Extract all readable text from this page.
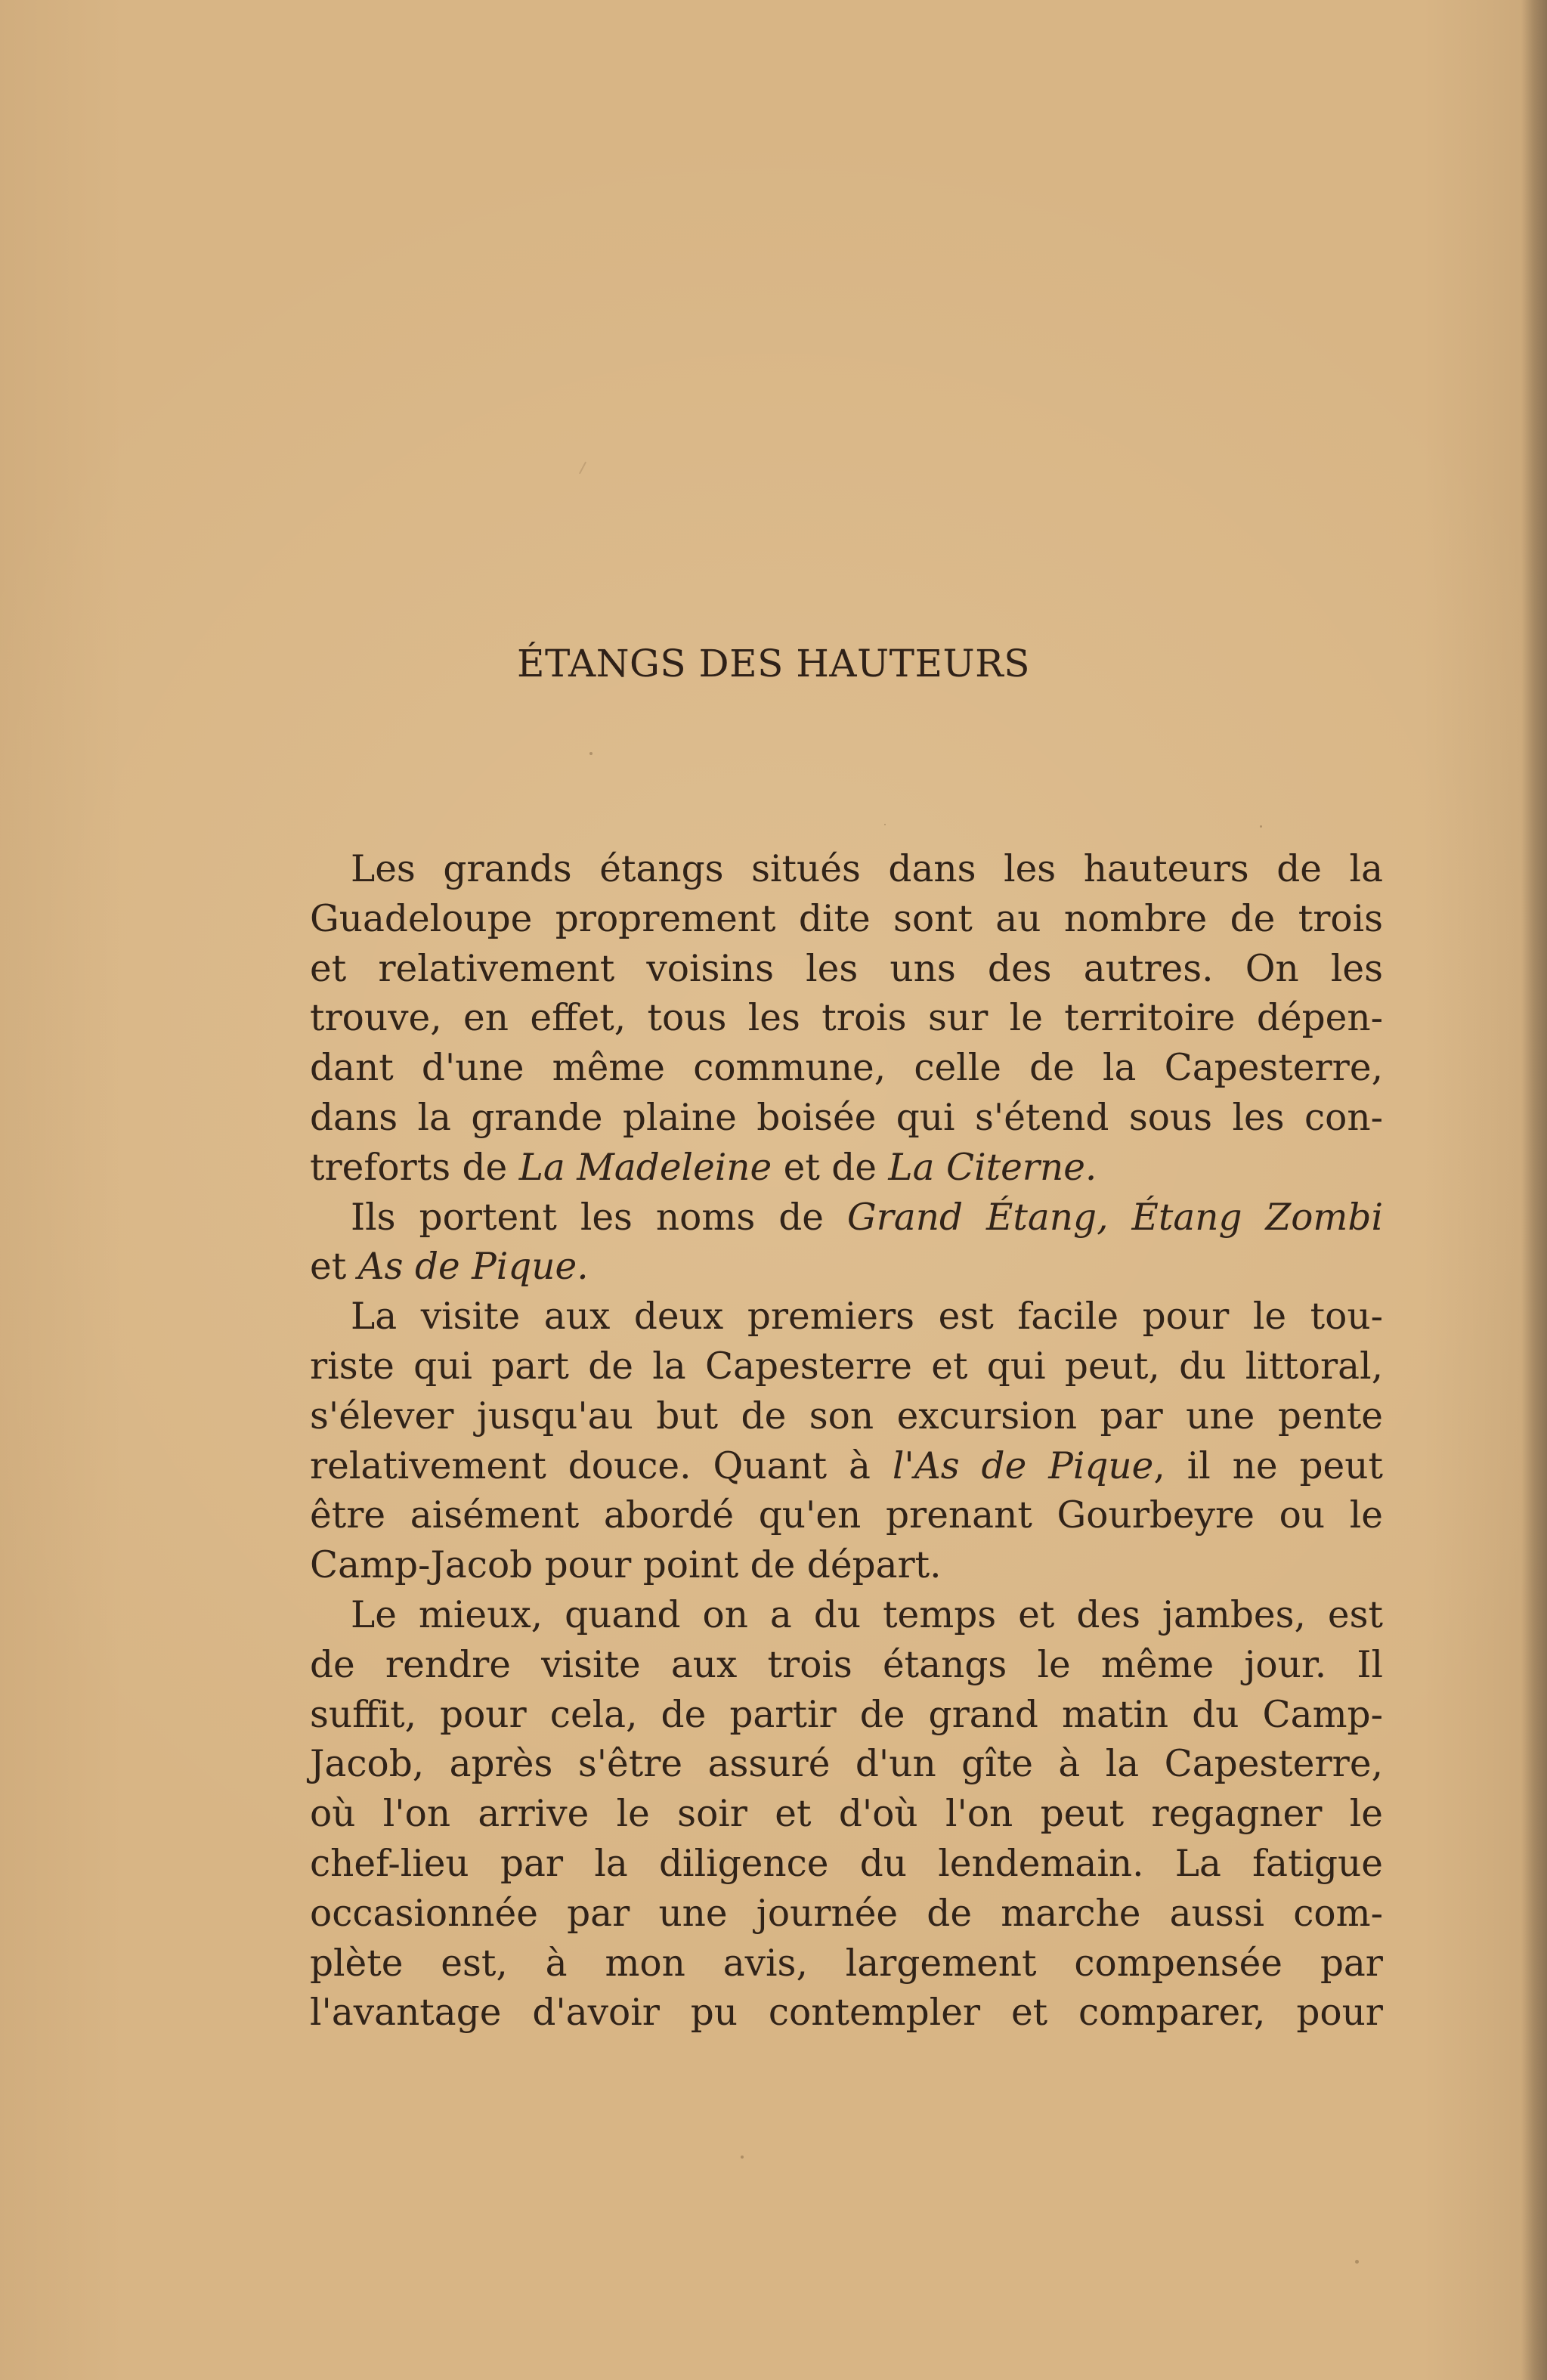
ÉTANGS DES HAUTEURS
Les grands étangs situés dans les hauteurs de la
Guadeloupe proprement dite sont au nombre de trois
et relativement voisins les uns des autres. On les
trouve, en effet, tous les trois sur le territoire dépen-
dant d'une même commune, celle de la Capesterre,
dans la grande plaine boisée qui s'étend sous les con-
treforts de La Madeleine et de La Citerne.
Ils portent les noms de Grand Étang, Étang Zombi
et As de Pique.
La visite aux deux premiers est facile pour le tou-
riste qui part de la Capesterre et qui peut, du littoral,
s'élever jusqu'au but de son excursion par une pente
relativement douce. Quant à l'As de Pique, il ne peut
être aisément abordé qu'en prenant Gourbeyre ou le
Camp-Jacob pour point de départ.
Le mieux, quand on a du temps et des jambes, est
de rendre visite aux trois étangs le même jour. Il
suffit, pour cela, de partir de grand matin du Camp-
Jacob, après s'être assuré d'un gîte à la Capesterre,
où l'on arrive le soir et d'où l'on peut regagner le
chef-lieu par la diligence du lendemain. La fatigue
occasionnée par une journée de marche aussi com-
plète est, à mon avis, largement compensée par
l'avantage d'avoir pu contempler et comparer, pour
